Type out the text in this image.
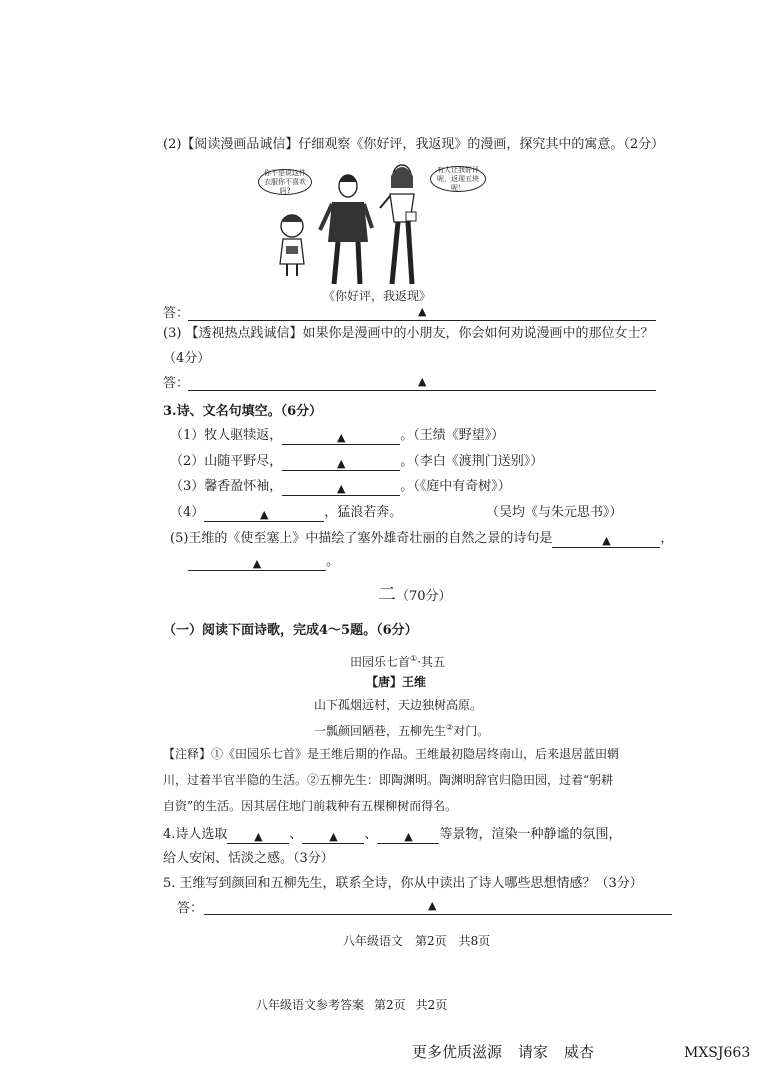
(2)【阅读漫画品诚信】仔细观察《你好评，我返现》的漫画，探究其中的寓意。（2分）
你不是说这件衣服你不喜欢吗?
有人让我好评呢，返现五块呢！
《你好评，我返现》
答：	▲
(3) 【透视热点践诚信】如果你是漫画中的小朋友，你会如何劝说漫画中的那位女士？
（4分）
答：	▲
3.诗、文名句填空。（6分）
（1）牧人驱犊返，	▲	。（王绩《野望》）
（2）山随平野尽，	▲	。（李白《渡荆门送别》）
（3）馨香盈怀袖，	▲	。（《庭中有奇树》）
（4）	▲	，猛浪若奔。	（吴均《与朱元思书》）
(5)王维的《使至塞上》中描绘了塞外雄奇壮丽的自然之景的诗句是	▲	，
▲	。
二（70分）
（一）阅读下面诗歌，完成4～5题。（6分）
田园乐七首①·其五
【唐】王维
山下孤烟远村，天边独树高原。
一瓢颜回陋巷，五柳先生②对门。
【注释】①《田园乐七首》是王维后期的作品。王维最初隐居终南山，后来退居蓝田辋
川，过着半官半隐的生活。②五柳先生：即陶渊明。陶渊明辞官归隐田园，过着“躬耕
自资”的生活。因其居住地门前栽种有五棵柳树而得名。
4.诗人选取 ▲ 、 ▲ 、 ▲ 等景物，渲染一种静谧的氛围，
给人安闲、恬淡之感。（3分）
5. 王维写到颜回和五柳先生，联系全诗，你从中读出了诗人哪些思想情感？（3分）
答：	▲
八年级语文 第2页 共8页
八年级语文参考答案 第2页 共2页
更多优质滋源 请家 威杏	MXSJ663
